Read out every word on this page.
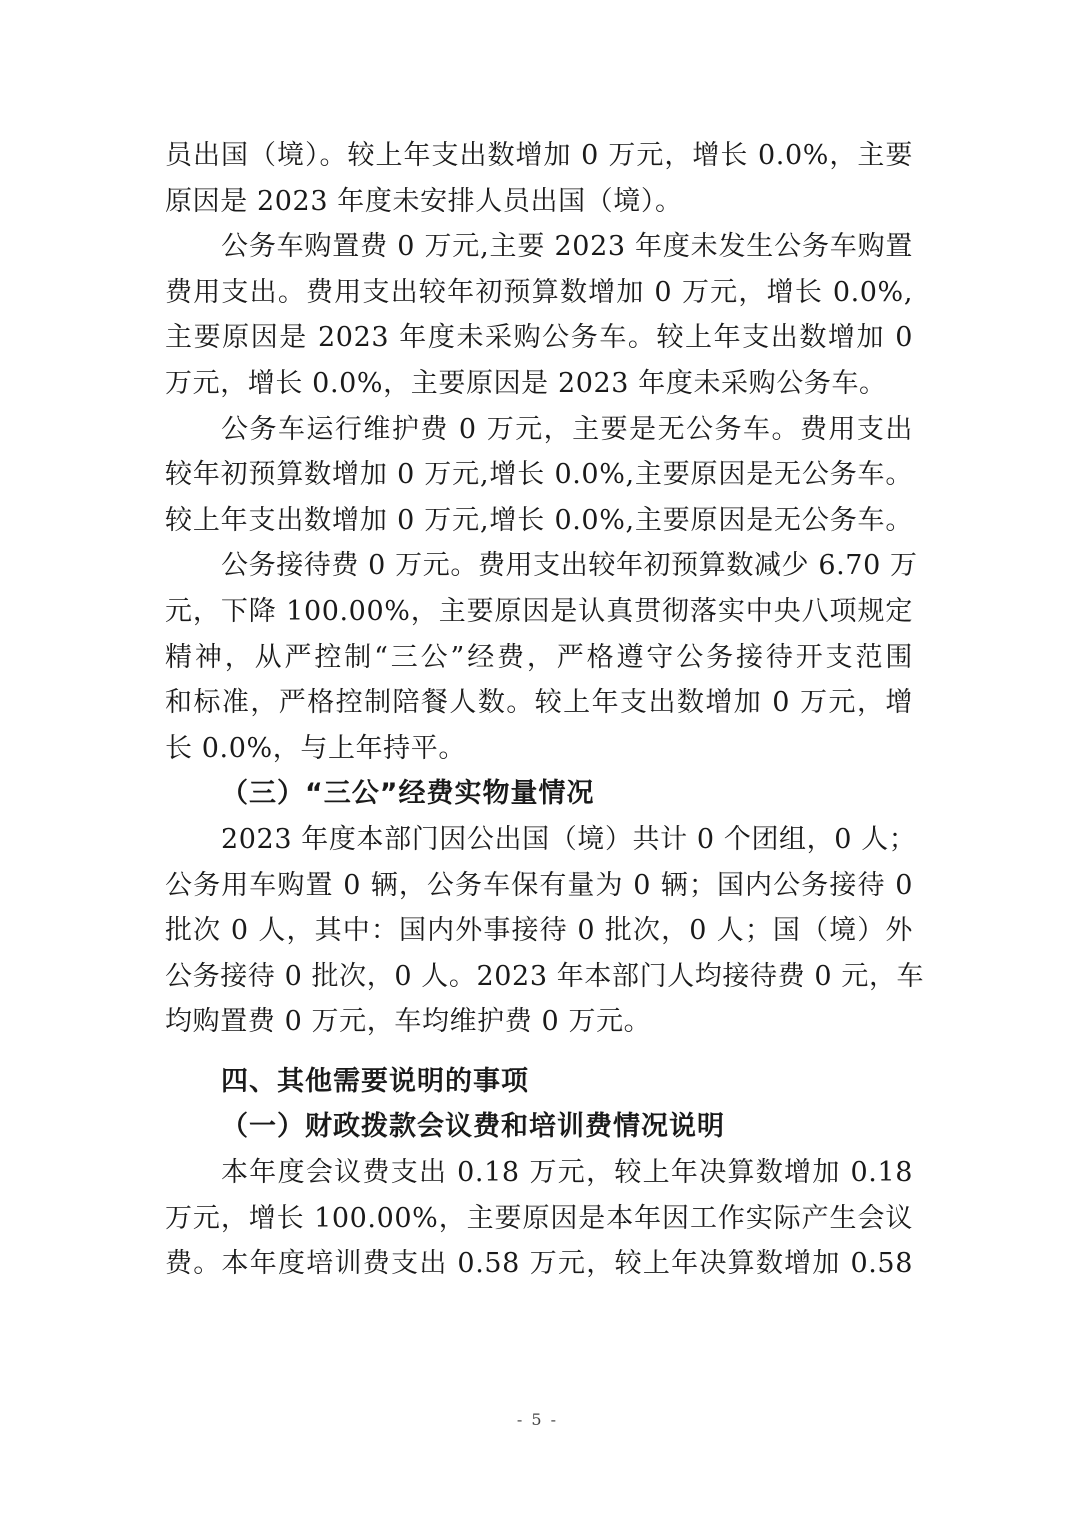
员出国（境）。较上年支出数增加 0 万元，增长 0.0%，主要
原因是 2023 年度未安排人员出国（境）。
公务车购置费 0 万元,主要 2023 年度未发生公务车购置
费用支出。费用支出较年初预算数增加 0 万元，增长 0.0%,
主要原因是 2023 年度未采购公务车。较上年支出数增加 0
万元，增长 0.0%，主要原因是 2023 年度未采购公务车。
公务车运行维护费 0 万元，主要是无公务车。费用支出
较年初预算数增加 0 万元,增长 0.0%,主要原因是无公务车。
较上年支出数增加 0 万元,增长 0.0%,主要原因是无公务车。
公务接待费 0 万元。费用支出较年初预算数减少 6.70 万
元，下降 100.00%，主要原因是认真贯彻落实中央八项规定
精神，从严控制“三公”经费，严格遵守公务接待开支范围
和标准，严格控制陪餐人数。较上年支出数增加 0 万元，增
长 0.0%，与上年持平。
（三）“三公”经费实物量情况
2023 年度本部门因公出国（境）共计 0 个团组，0 人；
公务用车购置 0 辆，公务车保有量为 0 辆；国内公务接待 0
批次 0 人，其中：国内外事接待 0 批次，0 人；国（境）外
公务接待 0 批次，0 人。2023 年本部门人均接待费 0 元，车
均购置费 0 万元，车均维护费 0 万元。
四、其他需要说明的事项
（一）财政拨款会议费和培训费情况说明
本年度会议费支出 0.18 万元，较上年决算数增加 0.18
万元，增长 100.00%，主要原因是本年因工作实际产生会议
费。本年度培训费支出 0.58 万元，较上年决算数增加 0.58
- 5 -
